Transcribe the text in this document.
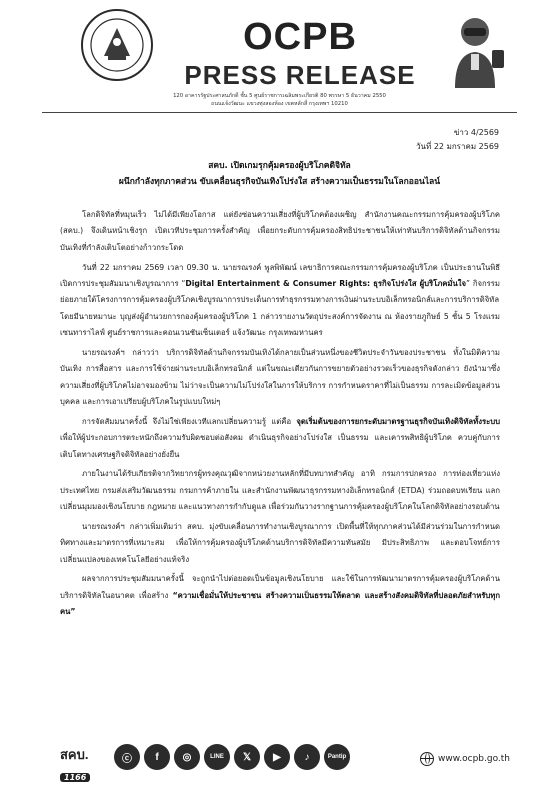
OCPB
PRESS RELEASE
120 อาคารรัฐประศาสนภักดี ชั้น 5 ศูนย์ราชการเฉลิมพระเกียรติ 80 พรรษา 5 ธันวาคม 2550
ถนนแจ้งวัฒนะ แขวงทุ่งสองห้อง เขตหลักสี่ กรุงเทพฯ 10210
ข่าว 4/2569
วันที่ 22 มกราคม 2569
สคบ. เปิดเกมรุกคุ้มครองผู้บริโภคดิจิทัล
ผนึกกำลังทุกภาคส่วน ขับเคลื่อนธุรกิจบันเทิงโปร่งใส สร้างความเป็นธรรมในโลกออนไลน์

โลกดิจิทัลที่หมุนเร็ว ไม่ได้มีเพียงโอกาส แต่ยังซ่อนความเสี่ยงที่ผู้บริโภคต้องเผชิญ สำนักงานคณะกรรมการคุ้มครองผู้บริโภค (สคบ.) จึงเดินหน้าเชิงรุก เปิดเวทีประชุมการครั้งสำคัญ เพื่อยกระดับการคุ้มครองสิทธิประชาชนให้เท่าทันบริการดิจิทัลด้านกิจกรรมบันเทิงที่กำลังเติบโตอย่างก้าวกระโดด

วันที่ 22 มกราคม 2569 เวลา 09.30 น. นายรณรงค์ พูลพิพัฒน์ เลขาธิการคณะกรรมการคุ้มครองผู้บริโภค เป็นประธานในพิธีเปิดการประชุมสัมมนาเชิงบูรณาการ “Digital Entertainment & Consumer Rights: ธุรกิจโปร่งใส ผู้บริโภคมั่นใจ” กิจกรรมย่อยภายใต้โครงการการคุ้มครองผู้บริโภคเชิงบูรณาการประเด็นการทำธุรกรรมทางการเงินผ่านระบบอิเล็กทรอนิกส์และการบริการดิจิทัล โดยมีนายหมานะ บุญส่งผู้อำนวยการกองคุ้มครองผู้บริโภค 1 กล่าวรายงานวัตถุประสงค์การจัดงาน ณ ห้องรายภูกิษย์ 5 ชั้น 5 โรงแรมเซนทาราไลฟ์ ศูนย์ราชการและคอนเวนชันเซ็นเตอร์ แจ้งวัฒนะ กรุงเทพมหานคร

นายรณรงค์ฯ กล่าวว่า บริการดิจิทัลด้านกิจกรรมบันเทิงได้กลายเป็นส่วนหนึ่งของชีวิตประจำวันของประชาชน ทั้งในมิติความบันเทิง การสื่อสาร และการใช้จ่ายผ่านระบบอิเล็กทรอนิกส์ แต่ในขณะเดียวกันการขยายตัวอย่างรวดเร็วของธุรกิจดังกล่าว ยังนำมาซึ่งความเสี่ยงที่ผู้บริโภคไม่อาจมองข้าม ไม่ว่าจะเป็นความไม่โปร่งใสในการให้บริการ การกำหนดราคาที่ไม่เป็นธรรม การละเมิดข้อมูลส่วนบุคคล และการเอาเปรียบผู้บริโภคในรูปแบบใหม่ๆ

การจัดสัมมนาครั้งนี้ จึงไม่ใช่เพียงเวทีแลกเปลี่ยนความรู้ แต่คือ จุดเริ่มต้นของการยกระดับมาตรฐานธุรกิจบันเทิงดิจิทัลทั้งระบบ เพื่อให้ผู้ประกอบการตระหนักถึงความรับผิดชอบต่อสังคม ดำเนินธุรกิจอย่างโปร่งใส เป็นธรรม และเคารพสิทธิผู้บริโภค ควบคู่กับการเติบโตทางเศรษฐกิจดิจิทัลอย่างยั่งยืน

ภายในงานได้รับเกียรติจากวิทยากรผู้ทรงคุณวุฒิจากหน่วยงานหลักที่มีบทบาทสำคัญ อาทิ กรมการปกครอง การท่องเที่ยวแห่งประเทศไทย กรมส่งเสริมวัฒนธรรม กรมการค้าภายใน และสำนักงานพัฒนาธุรกรรมทางอิเล็กทรอนิกส์ (ETDA) ร่วมถอดบทเรียน แลกเปลี่ยนมุมมองเชิงนโยบาย กฎหมาย และแนวทางการกำกับดูแล เพื่อร่วมกันวางรากฐานการคุ้มครองผู้บริโภคในโลกดิจิทัลอย่างรอบด้าน

นายรณรงค์ฯ กล่าวเพิ่มเติมว่า สคบ. มุ่งขับเคลื่อนการทำงานเชิงบูรณาการ เปิดพื้นที่ให้ทุกภาคส่วนได้มีส่วนร่วมในการกำหนดทิศทางและมาตรการที่เหมาะสม เพื่อให้การคุ้มครองผู้บริโภคด้านบริการดิจิทัลมีความทันสมัย มีประสิทธิภาพ และตอบโจทย์การเปลี่ยนแปลงของเทคโนโลยีอย่างแท้จริง

ผลจากการประชุมสัมมนาครั้งนี้ จะถูกนำไปต่อยอดเป็นข้อมูลเชิงนโยบาย และใช้ในการพัฒนามาตรการคุ้มครองผู้บริโภคด้านบริการดิจิทัลในอนาคต เพื่อสร้าง “ความเชื่อมั่นให้ประชาชน สร้างความเป็นธรรมให้ตลาด และสร้างสังคมดิจิทัลที่ปลอดภัยสำหรับทุกคน”

สคบ.
1166
ⓒ	f	◎	LINE	𝕏	▶	♪	Pantip	www.ocpb.go.th
